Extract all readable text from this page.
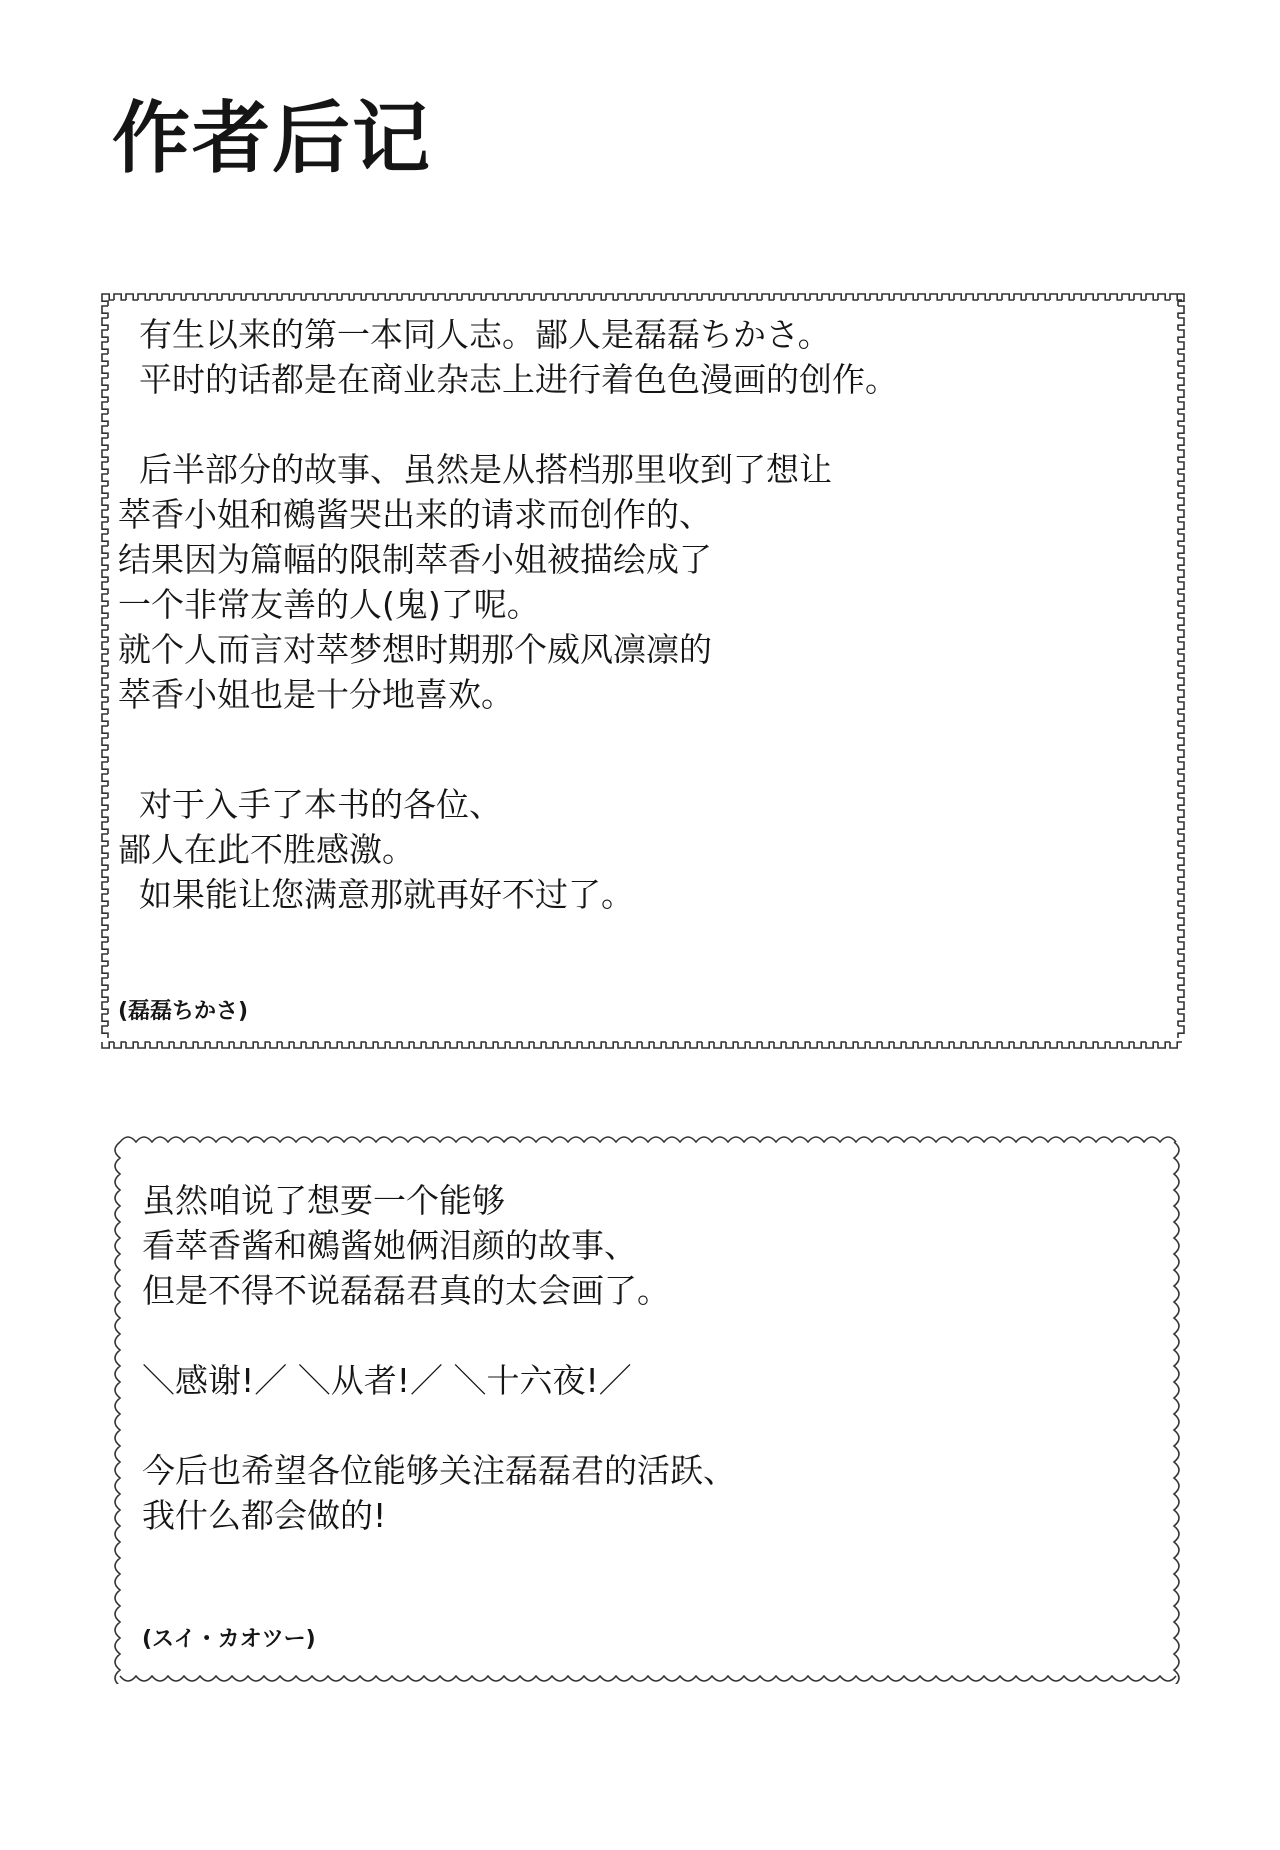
作者后记
有生以来的第一本同人志。鄙人是磊磊ちかさ。
平时的话都是在商业杂志上进行着色色漫画的创作。
后半部分的故事、虽然是从搭档那里收到了想让
萃香小姐和鵺酱哭出来的请求而创作的、
结果因为篇幅的限制萃香小姐被描绘成了
一个非常友善的人(鬼)了呢。
就个人而言对萃梦想时期那个威风凛凛的
萃香小姐也是十分地喜欢。
对于入手了本书的各位、
鄙人在此不胜感激。
如果能让您满意那就再好不过了。
(磊磊ちかさ)
虽然咱说了想要一个能够
看萃香酱和鵺酱她俩泪颜的故事、
但是不得不说磊磊君真的太会画了。
＼感谢!／ ＼从者!／ ＼十六夜!／
今后也希望各位能够关注磊磊君的活跃、
我什么都会做的!
(スイ・カオツー)
